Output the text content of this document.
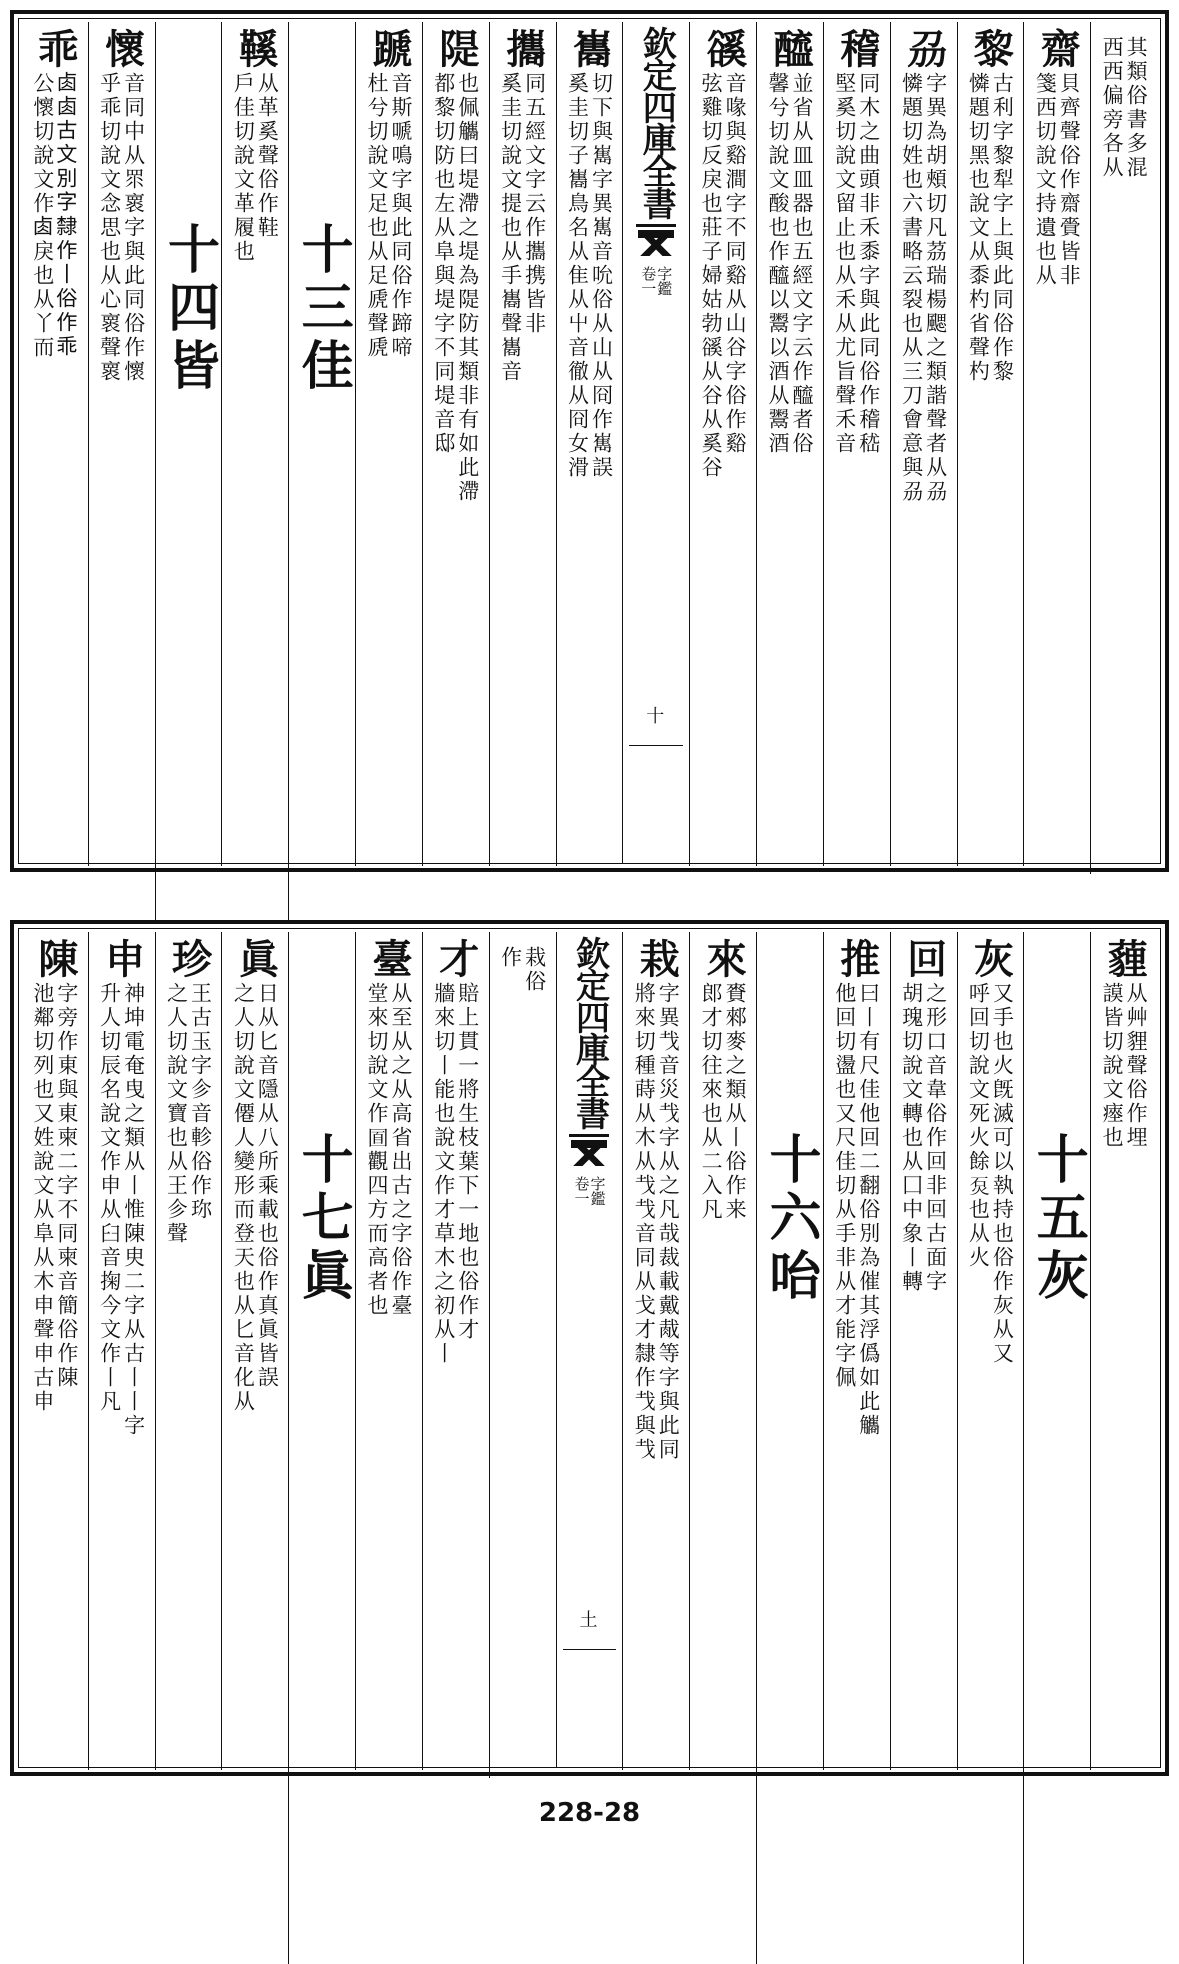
其類俗書多混
西西偏旁各从
齋
貝齊聲俗作齋賫皆非
箋西切說文持遺也从
黎
古利字黎犁字上與此同俗作黎
憐題切黑也說文从黍杓省聲杓
刕
字異為胡頰切凡茘瑞楊颸之類諧聲者从刕
憐題切姓也六書略云裂也从三刀會意與刕
稽
同木之曲頭非禾黍字與此同俗作稽嵇
堅奚切說文留止也从禾从尤旨聲禾音
醯
並省从皿皿器也五經文字云作醯者俗
馨兮切說文酸也作醯以鬻以酒从鬻酒
豀
音喙與谿澗字不同谿从山谷字俗作谿
弦雞切反戾也莊子婦姑勃豀从谷从奚谷
欽定四庫全書
字鑑
卷一
十
巂
切下與嶲字異嶲音吮俗从山从冏作嶲誤
奚圭切子巂鳥名从隹从屮音徹从冏女滑
攜
同五經文字云作攜携皆非
奚圭切說文提也从手巂聲巂音
隄
也佩觿曰堤滯之堤為隄防其類非有如此滯
都黎切防也左从阜與堤字不同堤音邸
蹏
音斯嗁鳴字與此同俗作蹄啼
杜兮切說文足也从足虒聲虒
十三佳
鞵
从革奚聲俗作鞋
戶佳切說文革履也
十四皆
懷
音同中从眔褱字與此同俗作懷
乎乖切說文念思也从心褱聲褱
乖
𠧪𠧪古文別字隸作丨俗作乖
公懷切說文作𠧪戾也从丫而
薶
从艸貍聲俗作埋
謨皆切說文瘞也
十五灰
灰
又手也火旣滅可以執持也俗作灰从又
呼回切說文死火餘𤇈也从火
回
之形口音韋俗作回非回古面字
胡瑰切說文轉也从囗中象丨轉
推
曰丨有尺佳他回二翻俗別為催其浮僞如此觿
他回切盪也又尺佳切从手非从才能字佩
十六咍
來
賚郲麥之類从丨俗作来
郎才切往來也从二入凡
栽
字異𢦏音災𢦏字从之凡哉裁載戴胾等字與此同
將來切種蒔从木从𢦏𢦏音同从戈才隸作𢦏與𢦏
欽定四庫全書
字鑑
卷一
土
栽俗
作
才
賠上貫一將生枝葉下一地也俗作才
牆來切丨能也說文作才草木之初从丨
臺
从至从之从高省出古之字俗作臺
堂來切說文作𡇢觀四方而高者也
十七眞
眞
日从匕音隱从八所乘載也俗作真眞皆誤
之人切說文僊人變形而登天也从匕音化从
珍
王古玉字㐱音軫俗作珎
之人切說文寶也从王㐱聲
申
神坤電奄曳之類从丨惟陳㬰二字从古丨丨字
升人切辰名說文作申从臼音掬今文作丨凡
陳
字旁作東與東柬二字不同柬音簡俗作陳
池鄰切列也又姓說文从阜从木申聲申古申
228-28
